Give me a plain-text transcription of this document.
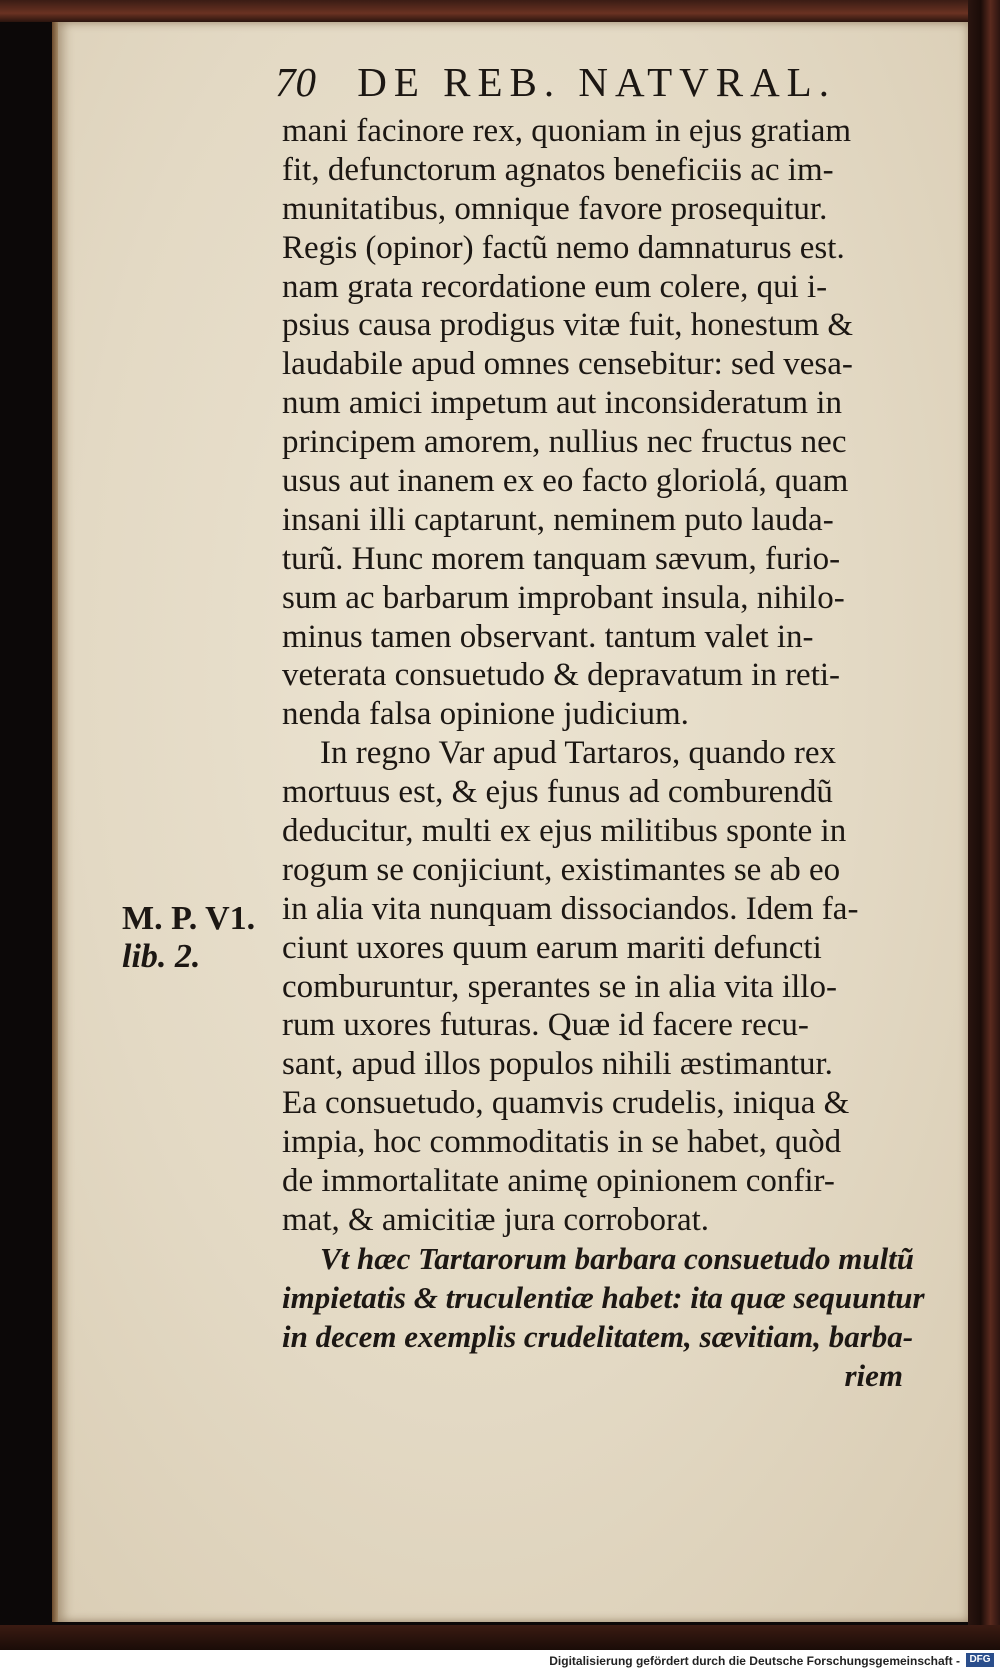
70 DE REB. NATVRAL.
mani facinore rex, quoniam in ejus gratiam
fit, defunctorum agnatos beneficiis ac im-
munitatibus, omnique favore prosequitur.
Regis (opinor) factũ nemo damnaturus est.
nam grata recordatione eum colere, qui i-
psius causa prodigus vitæ fuit, honestum &
laudabile apud omnes censebitur: sed vesa-
num amici impetum aut inconsideratum in
principem amorem, nullius nec fructus nec
usus aut inanem ex eo facto gloriolá, quam
insani illi captarunt, neminem puto lauda-
turũ. Hunc morem tanquam sævum, furio-
sum ac barbarum improbant insula, nihilo-
minus tamen observant. tantum valet in-
veterata consuetudo & depravatum in reti-
nenda falsa opinione judicium.
In regno Var apud Tartaros, quando rex
mortuus est, & ejus funus ad comburendũ
deducitur, multi ex ejus militibus sponte in
rogum se conjiciunt, existimantes se ab eo
in alia vita nunquam dissociandos. Idem fa-
ciunt uxores quum earum mariti defuncti
comburuntur, sperantes se in alia vita illo-
rum uxores futuras. Quæ id facere recu-
sant, apud illos populos nihili æstimantur.
Ea consuetudo, quamvis crudelis, iniqua &
impia, hoc commoditatis in se habet, quòd
de immortalitate animę opinionem confir-
mat, & amicitiæ jura corroborat.
Vt hæc Tartarorum barbara consuetudo multũ
impietatis & truculentiæ habet: ita quæ sequuntur
in decem exemplis crudelitatem, sævitiam, barba-
riem
M. P. V1.
lib. 2.
Digitalisierung gefördert durch die Deutsche Forschungsgemeinschaft - DFG
